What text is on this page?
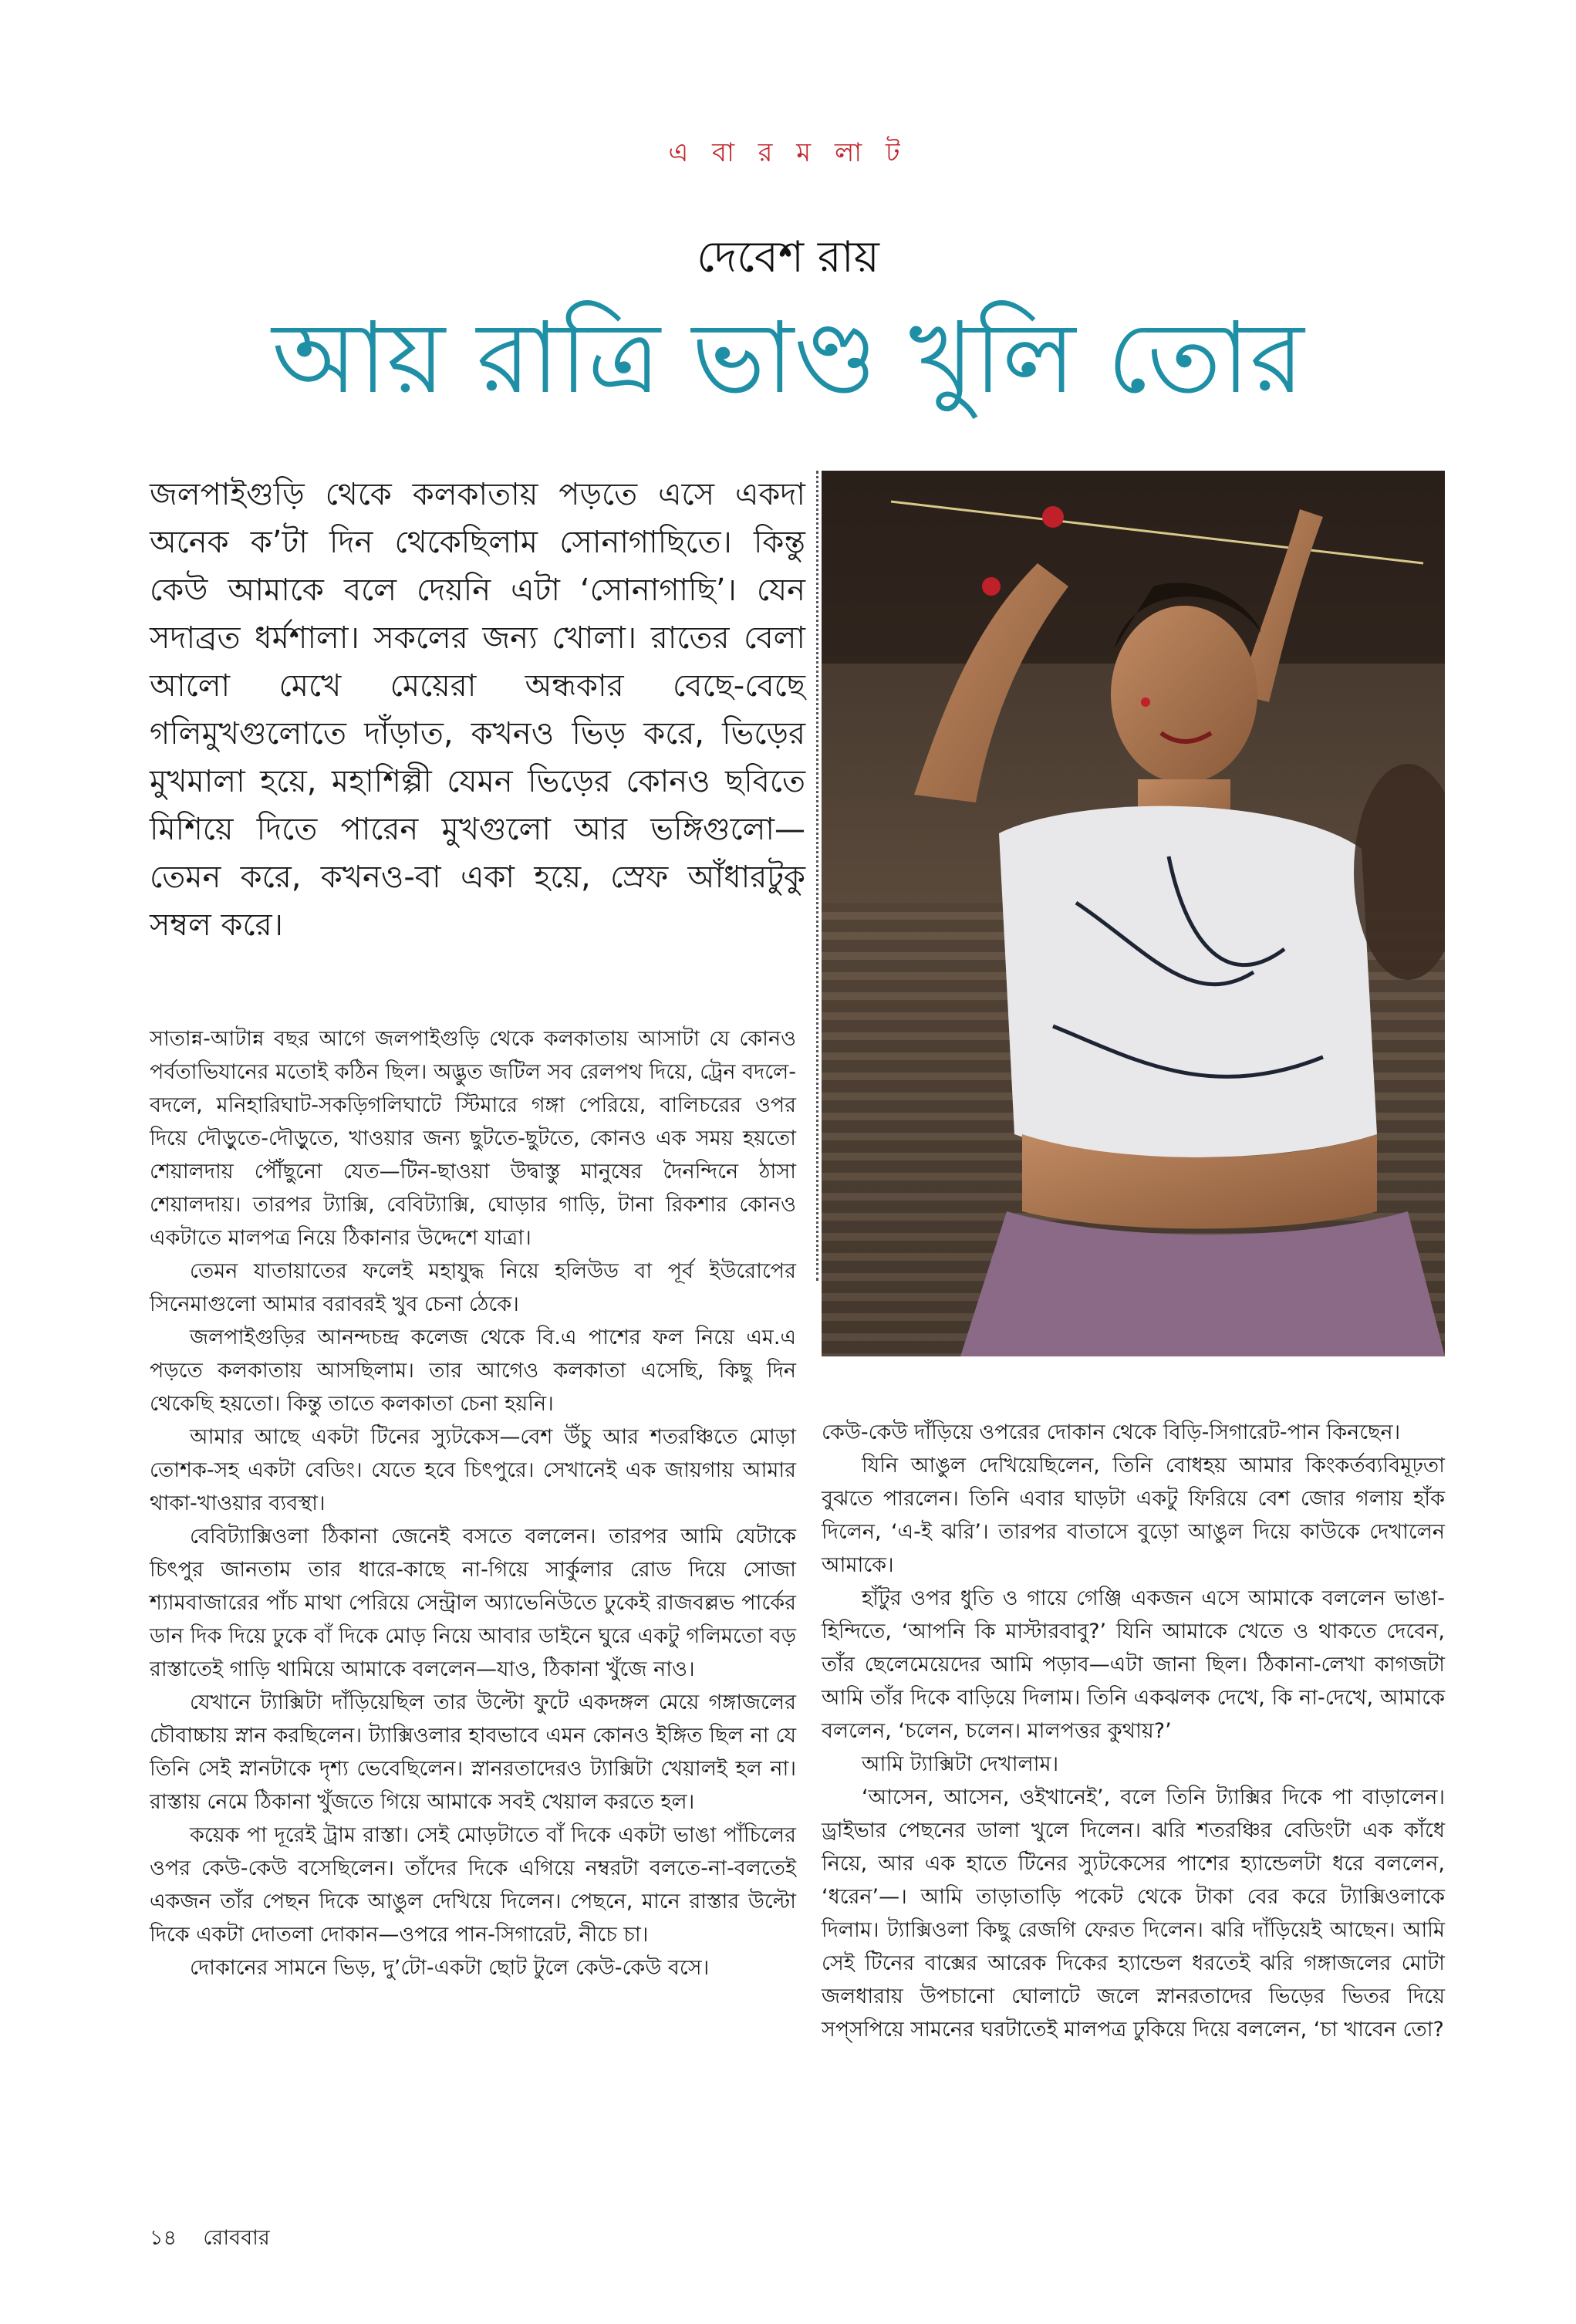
এ বা র ম লা ট
দেবেশ রায়
আয় রাত্রি ভাণ্ড খুলি তোর
জলপাইগুড়ি থেকে কলকাতায় পড়তে এসে একদা অনেক ক’টা দিন থেকেছিলাম সোনাগাছিতে। কিন্তু কেউ আমাকে বলে দেয়নি এটা ‘সোনাগাছি’। যেন সদাব্রত ধর্মশালা। সকলের জন্য খোলা। রাতের বেলা আলো মেখে মেয়েরা অন্ধকার বেছে-বেছে গলিমুখগুলোতে দাঁড়াত, কখনও ভিড় করে, ভিড়ের মুখমালা হয়ে, মহাশিল্পী যেমন ভিড়ের কোনও ছবিতে মিশিয়ে দিতে পারেন মুখগুলো আর ভঙ্গিগুলো—তেমন করে, কখনও-বা একা হয়ে, স্রেফ আঁধারটুকু সম্বল করে।

সাতান্ন-আটান্ন বছর আগে জলপাইগুড়ি থেকে কলকাতায় আসাটা যে কোনও পর্বতাভিযানের মতোই কঠিন ছিল। অদ্ভুত জটিল সব রেলপথ দিয়ে, ট্রেন বদলে-বদলে, মনিহারিঘাট-সকড়িগলিঘাটে স্টিমারে গঙ্গা পেরিয়ে, বালিচরের ওপর দিয়ে দৌড়ুতে-দৌড়ুতে, খাওয়ার জন্য ছুটতে-ছুটতে, কোনও এক সময় হয়তো শেয়ালদায় পৌঁছুনো যেত—টিন-ছাওয়া উদ্বাস্তু মানুষের দৈনন্দিনে ঠাসা শেয়ালদায়। তারপর ট্যাক্সি, বেবিট্যাক্সি, ঘোড়ার গাড়ি, টানা রিকশার কোনও একটাতে মালপত্র নিয়ে ঠিকানার উদ্দেশে যাত্রা।

তেমন যাতায়াতের ফলেই মহাযুদ্ধ নিয়ে হলিউড বা পূর্ব ইউরোপের সিনেমাগুলো আমার বরাবরই খুব চেনা ঠেকে।

জলপাইগুড়ির আনন্দচন্দ্র কলেজ থেকে বি.এ পাশের ফল নিয়ে এম.এ পড়তে কলকাতায় আসছিলাম। তার আগেও কলকাতা এসেছি, কিছু দিন থেকেছি হয়তো। কিন্তু তাতে কলকাতা চেনা হয়নি।

আমার আছে একটা টিনের স্যুটকেস—বেশ উঁচু আর শতরঞ্চিতে মোড়া তোশক-সহ একটা বেডিং। যেতে হবে চিৎপুরে। সেখানেই এক জায়গায় আমার থাকা-খাওয়ার ব্যবস্থা।

বেবিট্যাক্সিওলা ঠিকানা জেনেই বসতে বললেন। তারপর আমি যেটাকে চিৎপুর জানতাম তার ধারে-কাছে না-গিয়ে সার্কুলার রোড দিয়ে সোজা শ্যামবাজারের পাঁচ মাথা পেরিয়ে সেন্ট্রাল অ্যাভেনিউতে ঢুকেই রাজবল্লভ পার্কের ডান দিক দিয়ে ঢুকে বাঁ দিকে মোড় নিয়ে আবার ডাইনে ঘুরে একটু গলিমতো বড় রাস্তাতেই গাড়ি থামিয়ে আমাকে বললেন—যাও, ঠিকানা খুঁজে নাও।

যেখানে ট্যাক্সিটা দাঁড়িয়েছিল তার উল্টো ফুটে একদঙ্গল মেয়ে গঙ্গাজলের চৌবাচ্চায় স্নান করছিলেন। ট্যাক্সিওলার হাবভাবে এমন কোনও ইঙ্গিত ছিল না যে তিনি সেই স্নানটাকে দৃশ্য ভেবেছিলেন। স্নানরতাদেরও ট্যাক্সিটা খেয়ালই হল না। রাস্তায় নেমে ঠিকানা খুঁজতে গিয়ে আমাকে সবই খেয়াল করতে হল।

কয়েক পা দূরেই ট্রাম রাস্তা। সেই মোড়টাতে বাঁ দিকে একটা ভাঙা পাঁচিলের ওপর কেউ-কেউ বসেছিলেন। তাঁদের দিকে এগিয়ে নম্বরটা বলতে-না-বলতেই একজন তাঁর পেছন দিকে আঙুল দেখিয়ে দিলেন। পেছনে, মানে রাস্তার উল্টো দিকে একটা দোতলা দোকান—ওপরে পান-সিগারেট, নীচে চা।

দোকানের সামনে ভিড়, দু’টো-একটা ছোট টুলে কেউ-কেউ বসে।

কেউ-কেউ দাঁড়িয়ে ওপরের দোকান থেকে বিড়ি-সিগারেট-পান কিনছেন।

যিনি আঙুল দেখিয়েছিলেন, তিনি বোধহয় আমার কিংকর্তব্যবিমূঢ়তা বুঝতে পারলেন। তিনি এবার ঘাড়টা একটু ফিরিয়ে বেশ জোর গলায় হাঁক দিলেন, ‘এ-ই ঝরি’। তারপর বাতাসে বুড়ো আঙুল দিয়ে কাউকে দেখালেন আমাকে।

হাঁটুর ওপর ধুতি ও গায়ে গেঞ্জি একজন এসে আমাকে বললেন ভাঙা-হিন্দিতে, ‘আপনি কি মাস্টারবাবু?’ যিনি আমাকে খেতে ও থাকতে দেবেন, তাঁর ছেলেমেয়েদের আমি পড়াব—এটা জানা ছিল। ঠিকানা-লেখা কাগজটা আমি তাঁর দিকে বাড়িয়ে দিলাম। তিনি একঝলক দেখে, কি না-দেখে, আমাকে বললেন, ‘চলেন, চলেন। মালপত্তর কুথায়?’

আমি ট্যাক্সিটা দেখালাম।

‘আসেন, আসেন, ওইখানেই’, বলে তিনি ট্যাক্সির দিকে পা বাড়ালেন। ড্রাইভার পেছনের ডালা খুলে দিলেন। ঝরি শতরঞ্চির বেডিংটা এক কাঁধে নিয়ে, আর এক হাতে টিনের স্যুটকেসের পাশের হ্যান্ডেলটা ধরে বললেন, ‘ধরেন’—। আমি তাড়াতাড়ি পকেট থেকে টাকা বের করে ট্যাক্সিওলাকে দিলাম। ট্যাক্সিওলা কিছু রেজগি ফেরত দিলেন। ঝরি দাঁড়িয়েই আছেন। আমি সেই টিনের বাক্সের আরেক দিকের হ্যান্ডেল ধরতেই ঝরি গঙ্গাজলের মোটা জলধারায় উপচানো ঘোলাটে জলে স্নানরতাদের ভিড়ের ভিতর দিয়ে সপ্‌সপিয়ে সামনের ঘরটাতেই মালপত্র ঢুকিয়ে দিয়ে বললেন, ‘চা খাবেন তো?

১৪ রোববার
